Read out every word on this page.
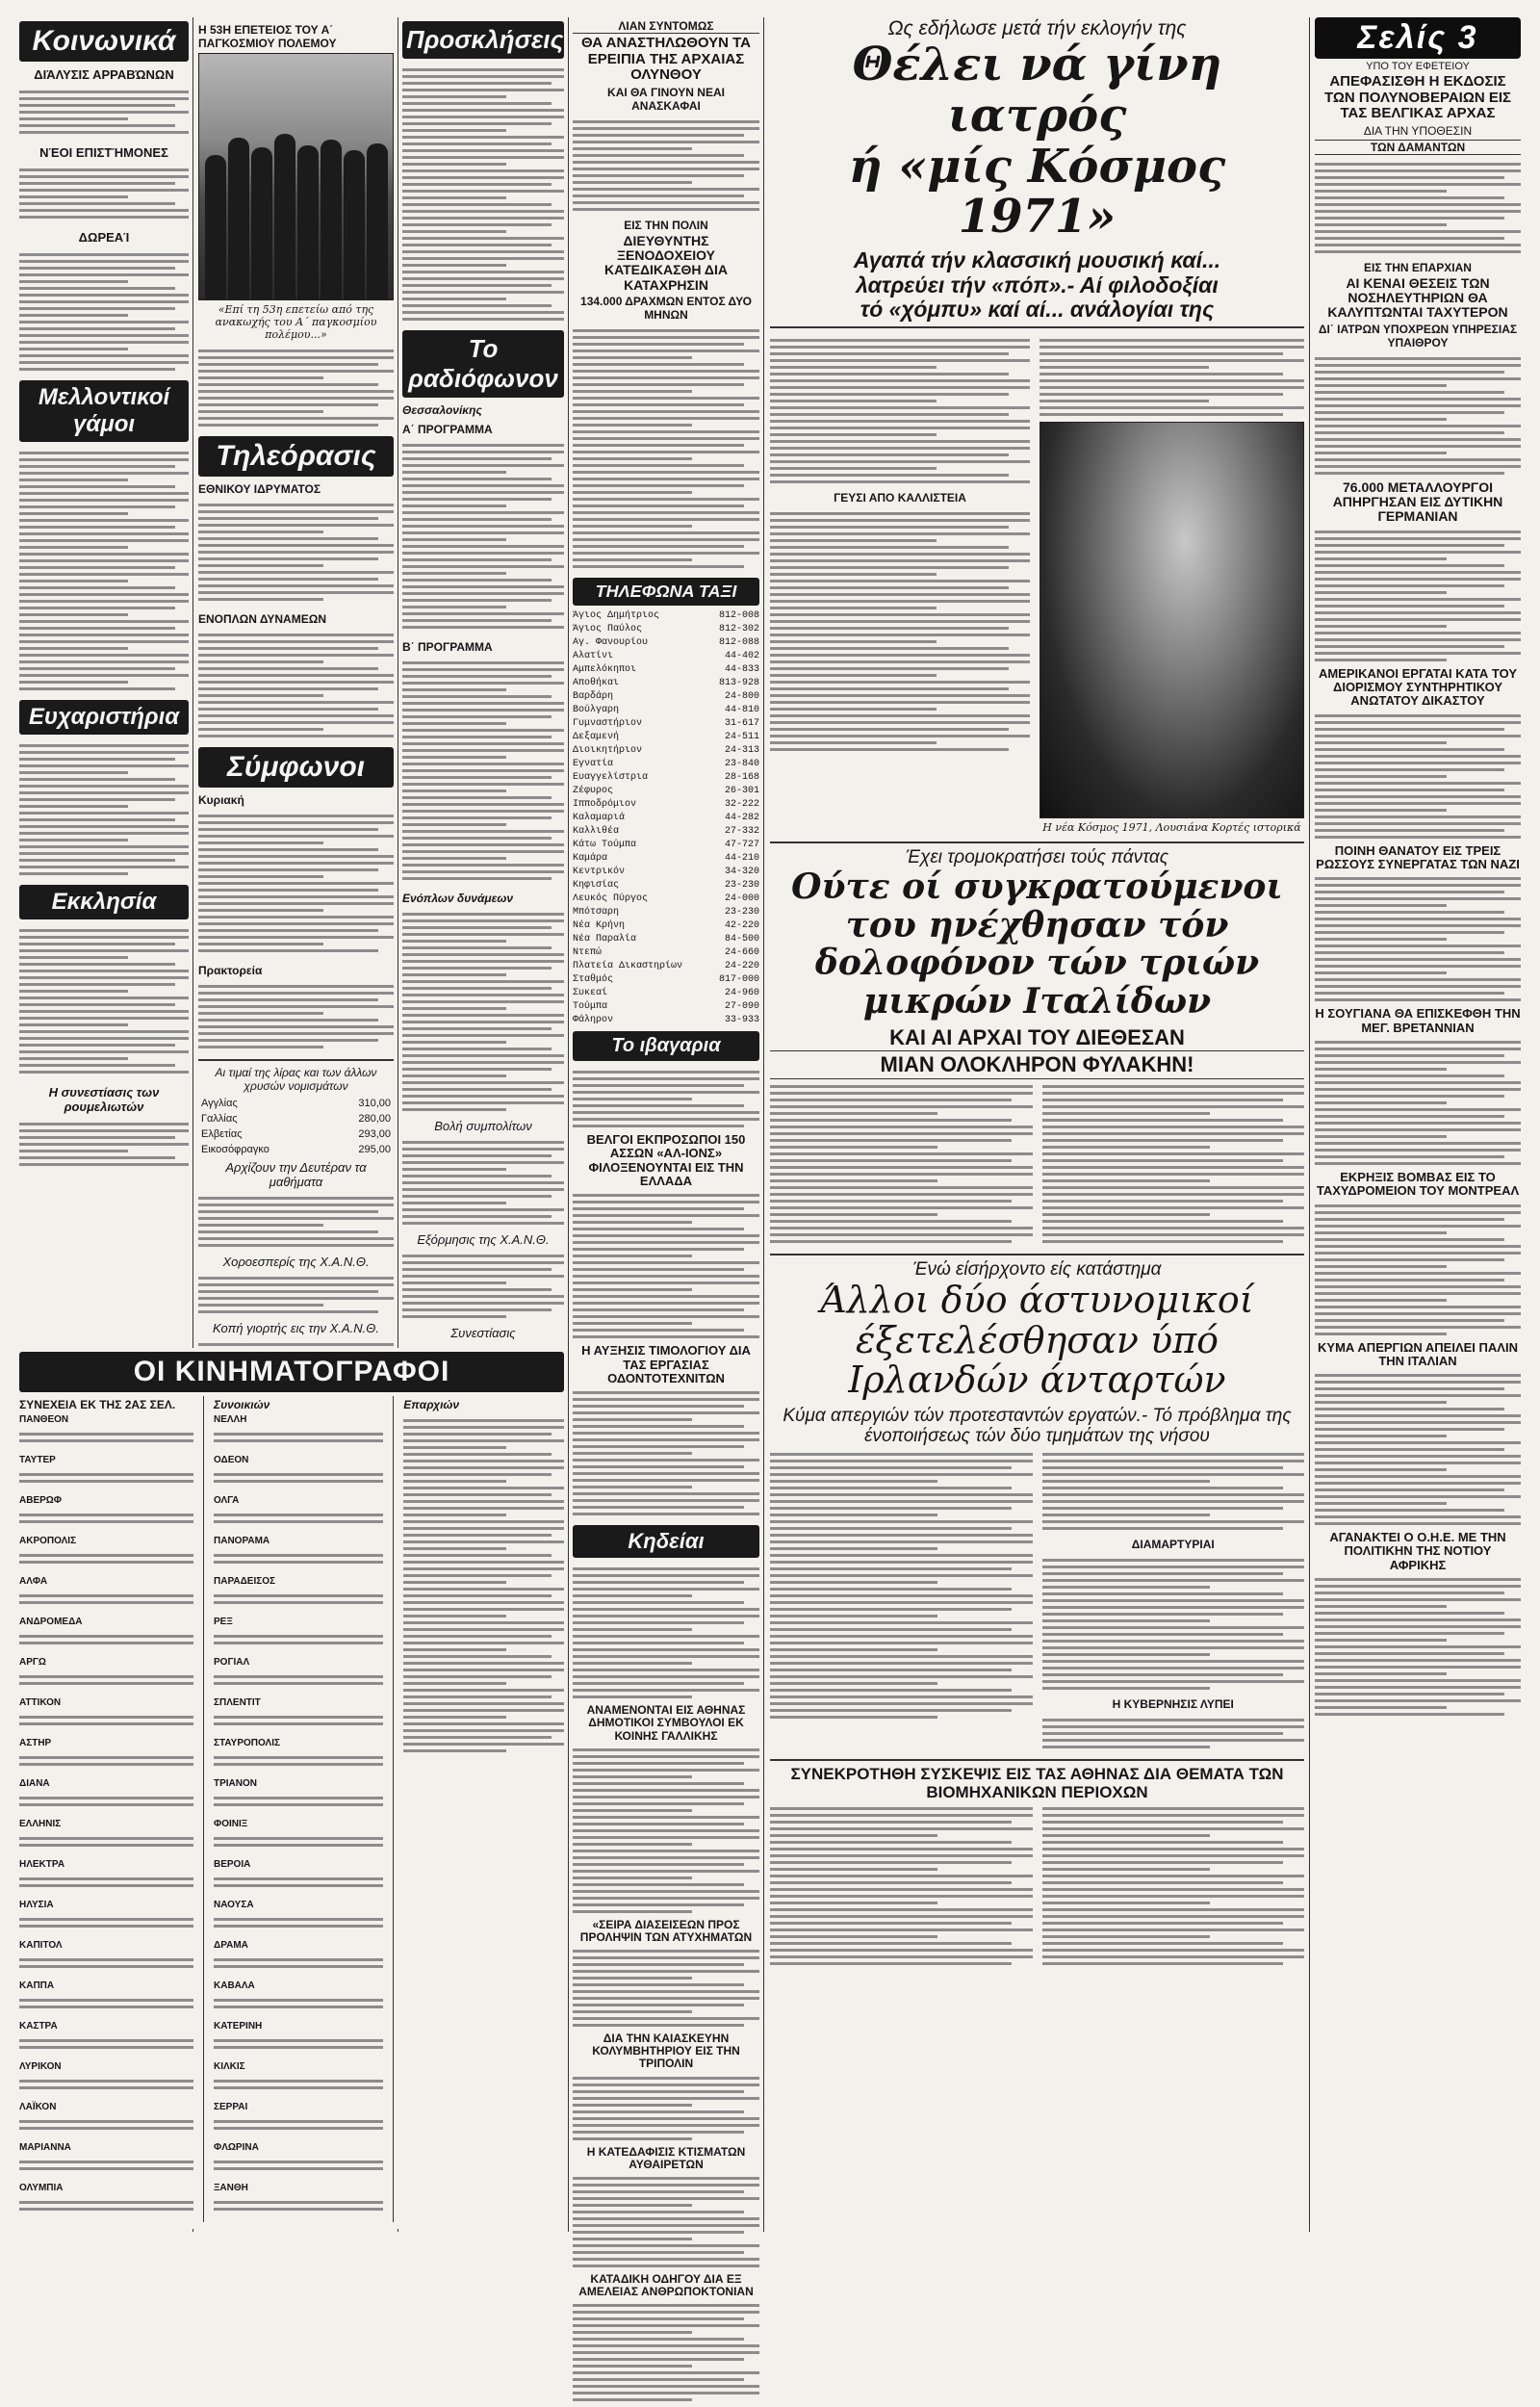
Κοινωνικά
ΔΙΆΛΥΣΙΣ ΑΡΡΑΒΏΝΩΝ
ΝΈΟΙ ΕΠΙΣΤΉΜΟΝΕΣ
ΔΩΡΕΑΊ
Μελλοντικοί γάμοι
Ευχαριστήρια
Εκκλησία
Η συνεστίασις των ρουμελιωτών
Η 53Η ΕΠΕΤΕΙΟΣ ΤΟΥ Α΄ ΠΑΓΚΟΣΜΙΟΥ ΠΟΛΕΜΟΥ
«Επί τη 53η επετείω από της ανακωχής του Α΄ παγκοσμίου πολέμου...»
Τηλεόρασις
ΕΘΝΙΚΟΥ ΙΔΡΥΜΑΤΟΣ
ΕΝΟΠΛΩΝ ΔΥΝΑΜΕΩΝ
Σύμφωνοι
Κυριακή
Πρακτορεία
Αι τιμαί της λίρας και των άλλων χρυσών νομισμάτων
Αγγλίας	310,00
Γαλλίας	280,00
Ελβετίας	293,00
Εικοσόφραγκο	295,00
Αρχίζουν την Δευτέραν τα μαθήματα
Χοροεσπερίς της Χ.Α.Ν.Θ.
Κοπή γιορτής εις την Χ.Α.Ν.Θ.
Προσκλήσεις
Το ραδιόφωνον
Θεσσαλονίκης
Α΄ ΠΡΟΓΡΑΜΜΑ
Β΄ ΠΡΟΓΡΑΜΜΑ
Ενόπλων δυνάμεων
Βολή συμπολίτων
Εξόρμησις της Χ.Α.Ν.Θ.
Συνεστίασις
ΛΙΑΝ ΣΥΝΤΟΜΩΣ
ΘΑ ΑΝΑΣΤΗΛΩΘΟΥΝ ΤΑ ΕΡΕΙΠΙΑ ΤΗΣ ΑΡΧΑΙΑΣ ΟΛΥΝΘΟΥ
ΚΑΙ ΘΑ ΓΙΝΟΥΝ ΝΕΑΙ ΑΝΑΣΚΑΦΑΙ
ΕΙΣ ΤΗΝ ΠΟΛΙΝ
ΔΙΕΥΘΥΝΤΗΣ ΞΕΝΟΔΟΧΕΙΟΥ ΚΑΤΕΔΙΚΑΣΘΗ ΔΙΑ ΚΑΤΑΧΡΗΣΙΝ
134.000 ΔΡΑΧΜΩΝ ΕΝΤΟΣ ΔΥΟ ΜΗΝΩΝ
ΤΗΛΕΦΩΝΑ ΤΑΞΙ
Άγιος Δημήτριος	812-008
Άγιος Παύλος	812-302
Αγ. Φανουρίου	812-088
Αλατίνι	44-402
Αμπελόκηποι	44-833
Αποθήκαι	813-928
Βαρδάρη	24-800
Βούλγαρη	44-810
Γυμναστήριον	31-617
Δεξαμενή	24-511
Διοικητήριον	24-313
Εγνατία	23-840
Ευαγγελίστρια	28-168
Ζέφυρος	26-301
Ιπποδρόμιον	32-222
Καλαμαριά	44-282
Καλλιθέα	27-332
Κάτω Τούμπα	47-727
Καμάρα	44-210
Κεντρικόν	34-320
Κηφισίας	23-230
Λευκός Πύργος	24-000
Μπότσαρη	23-230
Νέα Κρήνη	42-220
Νέα Παραλία	84-500
Ντεπώ	24-660
Πλατεία Δικαστηρίων	24-220
Σταθμός	817-000
Συκεαί	24-960
Τούμπα	27-090
Φάληρον	33-933
Το ιβαγαρια
ΒΕΛΓΟΙ ΕΚΠΡΟΣΩΠΟΙ 150 ΑΣΣΩΝ «ΑΛ-ΙΟΝΣ» ΦΙΛΟΞΕΝΟΥΝΤΑΙ ΕΙΣ ΤΗΝ ΕΛΛΑΔΑ
Η ΑΥΞΗΣΙΣ ΤΙΜΟΛΟΓΙΟΥ ΔΙΑ ΤΑΣ ΕΡΓΑΣΙΑΣ ΟΔΟΝΤΟΤΕΧΝΙΤΩΝ
Κηδείαι
ΑΝΑΜΕΝΟΝΤΑΙ ΕΙΣ ΑΘΗΝΑΣ ΔΗΜΟΤΙΚΟΙ ΣΥΜΒΟΥΛΟΙ ΕΚ ΚΟΙΝΗΣ ΓΑΛΛΙΚΗΣ
«ΣΕΙΡΑ ΔΙΑΣΕΙΣΕΩΝ ΠΡΟΣ ΠΡΟΛΗΨΙΝ ΤΩΝ ΑΤΥΧΗΜΑΤΩΝ
ΔΙΑ ΤΗΝ ΚΑΙΑΣΚΕΥΗΝ ΚΟΛΥΜΒΗΤΗΡΙΟΥ ΕΙΣ ΤΗΝ ΤΡΙΠΟΛΙΝ
Η ΚΑΤΕΔΑΦΙΣΙΣ ΚΤΙΣΜΑΤΩΝ ΑΥΘΑΙΡΕΤΩΝ
ΚΑΤΑΔΙΚΗ ΟΔΗΓΟΥ ΔΙΑ ΕΞ ΑΜΕΛΕΙΑΣ ΑΝΘΡΩΠΟΚΤΟΝΙΑΝ
Ως εδήλωσε μετά τήν εκλογήν της
Θέλει νά γίνη ιατρός
ή «μίς Κόσμος 1971»
Αγαπά τήν κλασσική μουσική καί...
λατρεύει τήν «πόπ».- Αί φιλοδοξίαι
τό «χόμπυ» καί αί... ανάλογίαι της
ΓΕΥΣΙ ΑΠΟ ΚΑΛΛΙΣΤΕΙΑ
Η νέα Κόσμος 1971, Λουσιάνα Κορτές ιστορικά
Έχει τρομοκρατήσει τούς πάντας
Ούτε οί συγκρατούμενοι του ηνέχθησαν τόν δολοφόνον τών τριών μικρών Ιταλίδων
ΚΑΙ ΑΙ ΑΡΧΑΙ ΤΟΥ ΔΙΕΘΕΣΑΝ
ΜΙΑΝ ΟΛΟΚΛΗΡΟΝ ΦΥΛΑΚΗΝ!
Ένώ είσήρχοντο είς κατάστημα
Άλλοι δύο άστυνομικοί έξετελέσθησαν ύπό Ιρλανδών άνταρτών
Κύμα απεργιών τών προτεσταντών εργατών.- Τό πρόβλημα της ένοποιήσεως τών δύο τμημάτων της νήσου
ΔΙΑΜΑΡΤΥΡΙΑΙ
Η ΚΥΒΕΡΝΗΣΙΣ ΛΥΠΕΙ
ΣΥΝΕΚΡΟΤΗΘΗ ΣΥΣΚΕΨΙΣ ΕΙΣ ΤΑΣ ΑΘΗΝΑΣ ΔΙΑ ΘΕΜΑΤΑ ΤΩΝ ΒΙΟΜΗΧΑΝΙΚΩΝ ΠΕΡΙΟΧΩΝ
Σελίς 3
ΥΠΟ ΤΟΥ ΕΦΕΤΕΙΟΥ
ΑΠΕΦΑΣΙΣΘΗ Η ΕΚΔΟΣΙΣ ΤΩΝ ΠΟΛΥΝΟΒΕΡΑΙΩΝ ΕΙΣ ΤΑΣ ΒΕΛΓΙΚΑΣ ΑΡΧΑΣ
ΔΙΑ ΤΗΝ ΥΠΟΘΕΣΙΝ
ΤΩΝ ΔΑΜΑΝΤΩΝ
ΕΙΣ ΤΗΝ ΕΠΑΡΧΙΑΝ
ΑΙ ΚΕΝΑΙ ΘΕΣΕΙΣ ΤΩΝ ΝΟΣΗΛΕΥΤΗΡΙΩΝ ΘΑ ΚΑΛΥΠΤΩΝΤΑΙ ΤΑΧΥΤΕΡΟΝ
ΔΙ΄ ΙΑΤΡΩΝ ΥΠΟΧΡΕΩΝ ΥΠΗΡΕΣΙΑΣ ΥΠΑΙΘΡΟΥ
76.000 ΜΕΤΑΛΛΟΥΡΓΟΙ ΑΠΗΡΓΗΣΑΝ ΕΙΣ ΔΥΤΙΚΗΝ ΓΕΡΜΑΝΙΑΝ
ΑΜΕΡΙΚΑΝΟΙ ΕΡΓΑΤΑΙ ΚΑΤΑ ΤΟΥ ΔΙΟΡΙΣΜΟΥ ΣΥΝΤΗΡΗΤΙΚΟΥ ΑΝΩΤΑΤΟΥ ΔΙΚΑΣΤΟΥ
ΠΟΙΝΗ ΘΑΝΑΤΟΥ ΕΙΣ ΤΡΕΙΣ ΡΩΣΣΟΥΣ ΣΥΝΕΡΓΑΤΑΣ ΤΩΝ ΝΑΖΙ
Η ΣΟΥΓΙΑΝΑ ΘΑ ΕΠΙΣΚΕΦΘΗ ΤΗΝ ΜΕΓ. ΒΡΕΤΑΝΝΙΑΝ
ΕΚΡΗΞΙΣ ΒΟΜΒΑΣ ΕΙΣ ΤΟ ΤΑΧΥΔΡΟΜΕΙΟΝ ΤΟΥ ΜΟΝΤΡΕΑΛ
ΚΥΜΑ ΑΠΕΡΓΙΩΝ ΑΠΕΙΛΕΙ ΠΑΛΙΝ ΤΗΝ ΙΤΑΛΙΑΝ
ΑΓΑΝΑΚΤΕΙ Ο Ο.Η.Ε. ΜΕ ΤΗΝ ΠΟΛΙΤΙΚΗΝ ΤΗΣ ΝΟΤΙΟΥ ΑΦΡΙΚΗΣ
ΟΙ ΚΙΝΗΜΑΤΟΓΡΑΦΟΙ
ΣΥΝΕΧΕΙΑ ΕΚ ΤΗΣ 2ΑΣ ΣΕΛ.
ΠΑΝΘΕΟΝ
ΤΑΥΤΕΡ
ΑΒΕΡΩΦ
ΑΚΡΟΠΟΛΙΣ
ΑΛΦΑ
ΑΝΔΡΟΜΕΔΑ
ΑΡΓΩ
ΑΤΤΙΚΟΝ
ΑΣΤΗΡ
ΔΙΑΝΑ
ΕΛΛΗΝΙΣ
ΗΛΕΚΤΡΑ
ΗΛΥΣΙΑ
ΚΑΠΙΤΟΛ
ΚΑΠΠΑ
ΚΑΣΤΡΑ
ΛΥΡΙΚΟΝ
ΛΑΪΚΟΝ
ΜΑΡΙΑΝΝΑ
ΟΛΥΜΠΙΑ
Συνοικιών
ΝΕΛΛΗ
ΟΔΕΟΝ
ΟΛΓΑ
ΠΑΝΟΡΑΜΑ
ΠΑΡΑΔΕΙΣΟΣ
ΡΕΞ
ΡΟΓΙΑΛ
ΣΠΛΕΝΤΙΤ
ΣΤΑΥΡΟΠΟΛΙΣ
ΤΡΙΑΝΟΝ
ΦΟΙΝΙΞ
ΒΕΡΟΙΑ
ΝΑΟΥΣΑ
ΔΡΑΜΑ
ΚΑΒΑΛΑ
ΚΑΤΕΡΙΝΗ
ΚΙΛΚΙΣ
ΣΕΡΡΑΙ
ΦΛΩΡΙΝΑ
ΞΑΝΘΗ
Επαρχιών
